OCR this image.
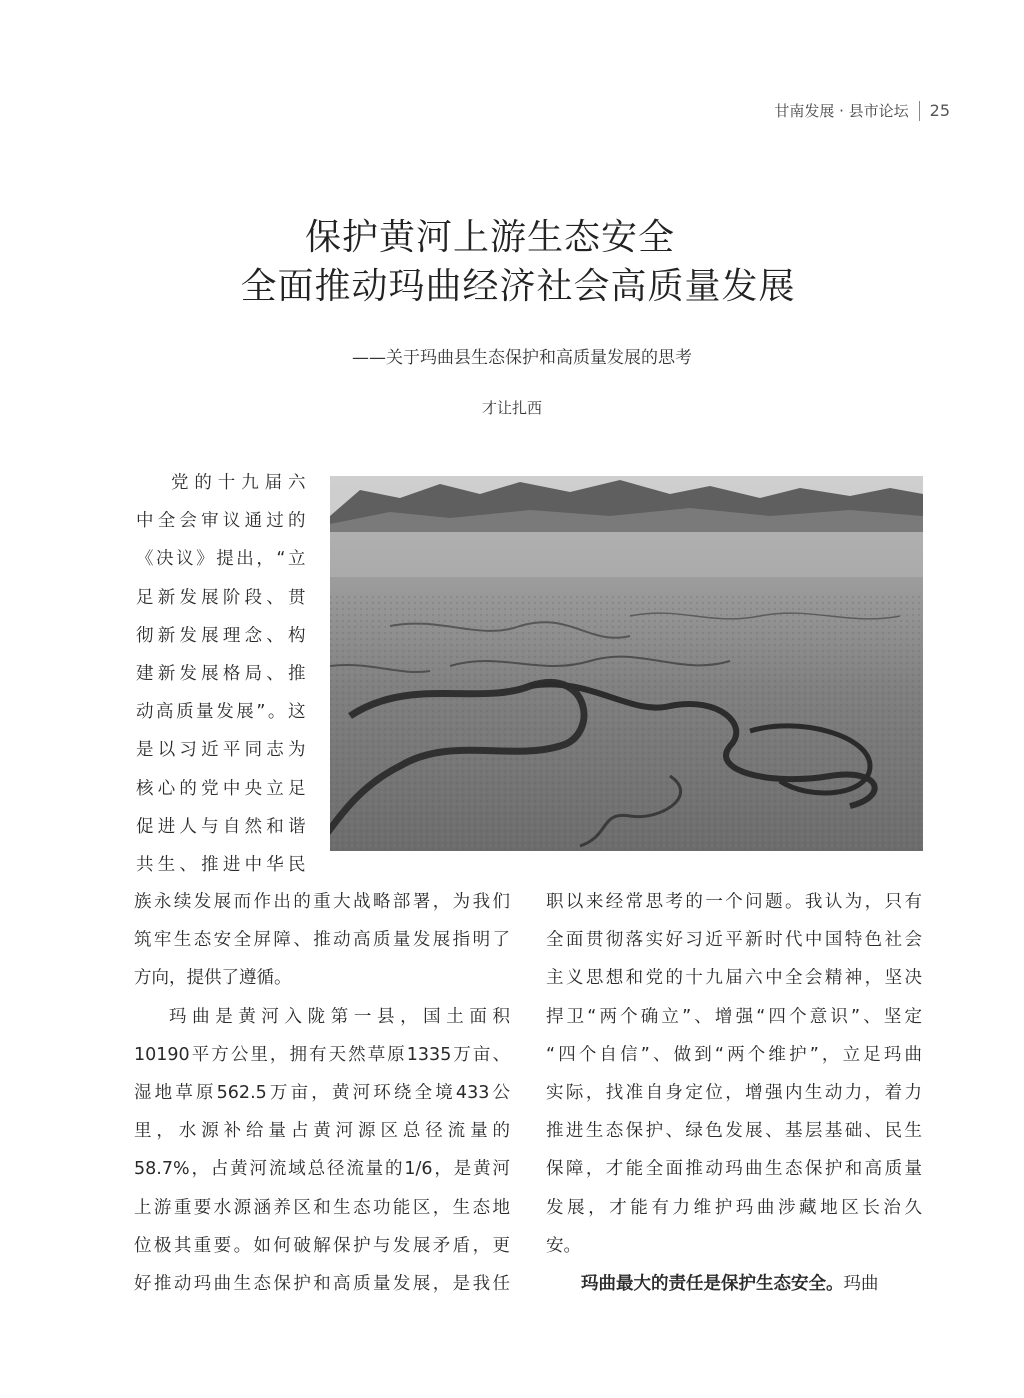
甘南发展 · 县市论坛 25
保护黄河上游生态安全
全面推动玛曲经济社会高质量发展
——关于玛曲县生态保护和高质量发展的思考
才让扎西
党的十九届六
中全会审议通过的
《决议》提出，“立
足新发展阶段、贯
彻新发展理念、构
建新发展格局、推
动高质量发展”。这
是以习近平同志为
核心的党中央立足
促进人与自然和谐
共生、推进中华民
族永续发展而作出的重大战略部署，为我们
筑牢生态安全屏障、推动高质量发展指明了
方向，提供了遵循。
玛曲是黄河入陇第一县，国土面积
10190平方公里，拥有天然草原1335万亩、
湿地草原562.5万亩，黄河环绕全境433公
里，水源补给量占黄河源区总径流量的
58.7%，占黄河流域总径流量的1/6，是黄河
上游重要水源涵养区和生态功能区，生态地
位极其重要。如何破解保护与发展矛盾，更
好推动玛曲生态保护和高质量发展，是我任
职以来经常思考的一个问题。我认为，只有
全面贯彻落实好习近平新时代中国特色社会
主义思想和党的十九届六中全会精神，坚决
捍卫“两个确立”、增强“四个意识”、坚定
“四个自信”、做到“两个维护”，立足玛曲
实际，找准自身定位，增强内生动力，着力
推进生态保护、绿色发展、基层基础、民生
保障，才能全面推动玛曲生态保护和高质量
发展，才能有力维护玛曲涉藏地区长治久
安。
玛曲最大的责任是保护生态安全。玛曲
